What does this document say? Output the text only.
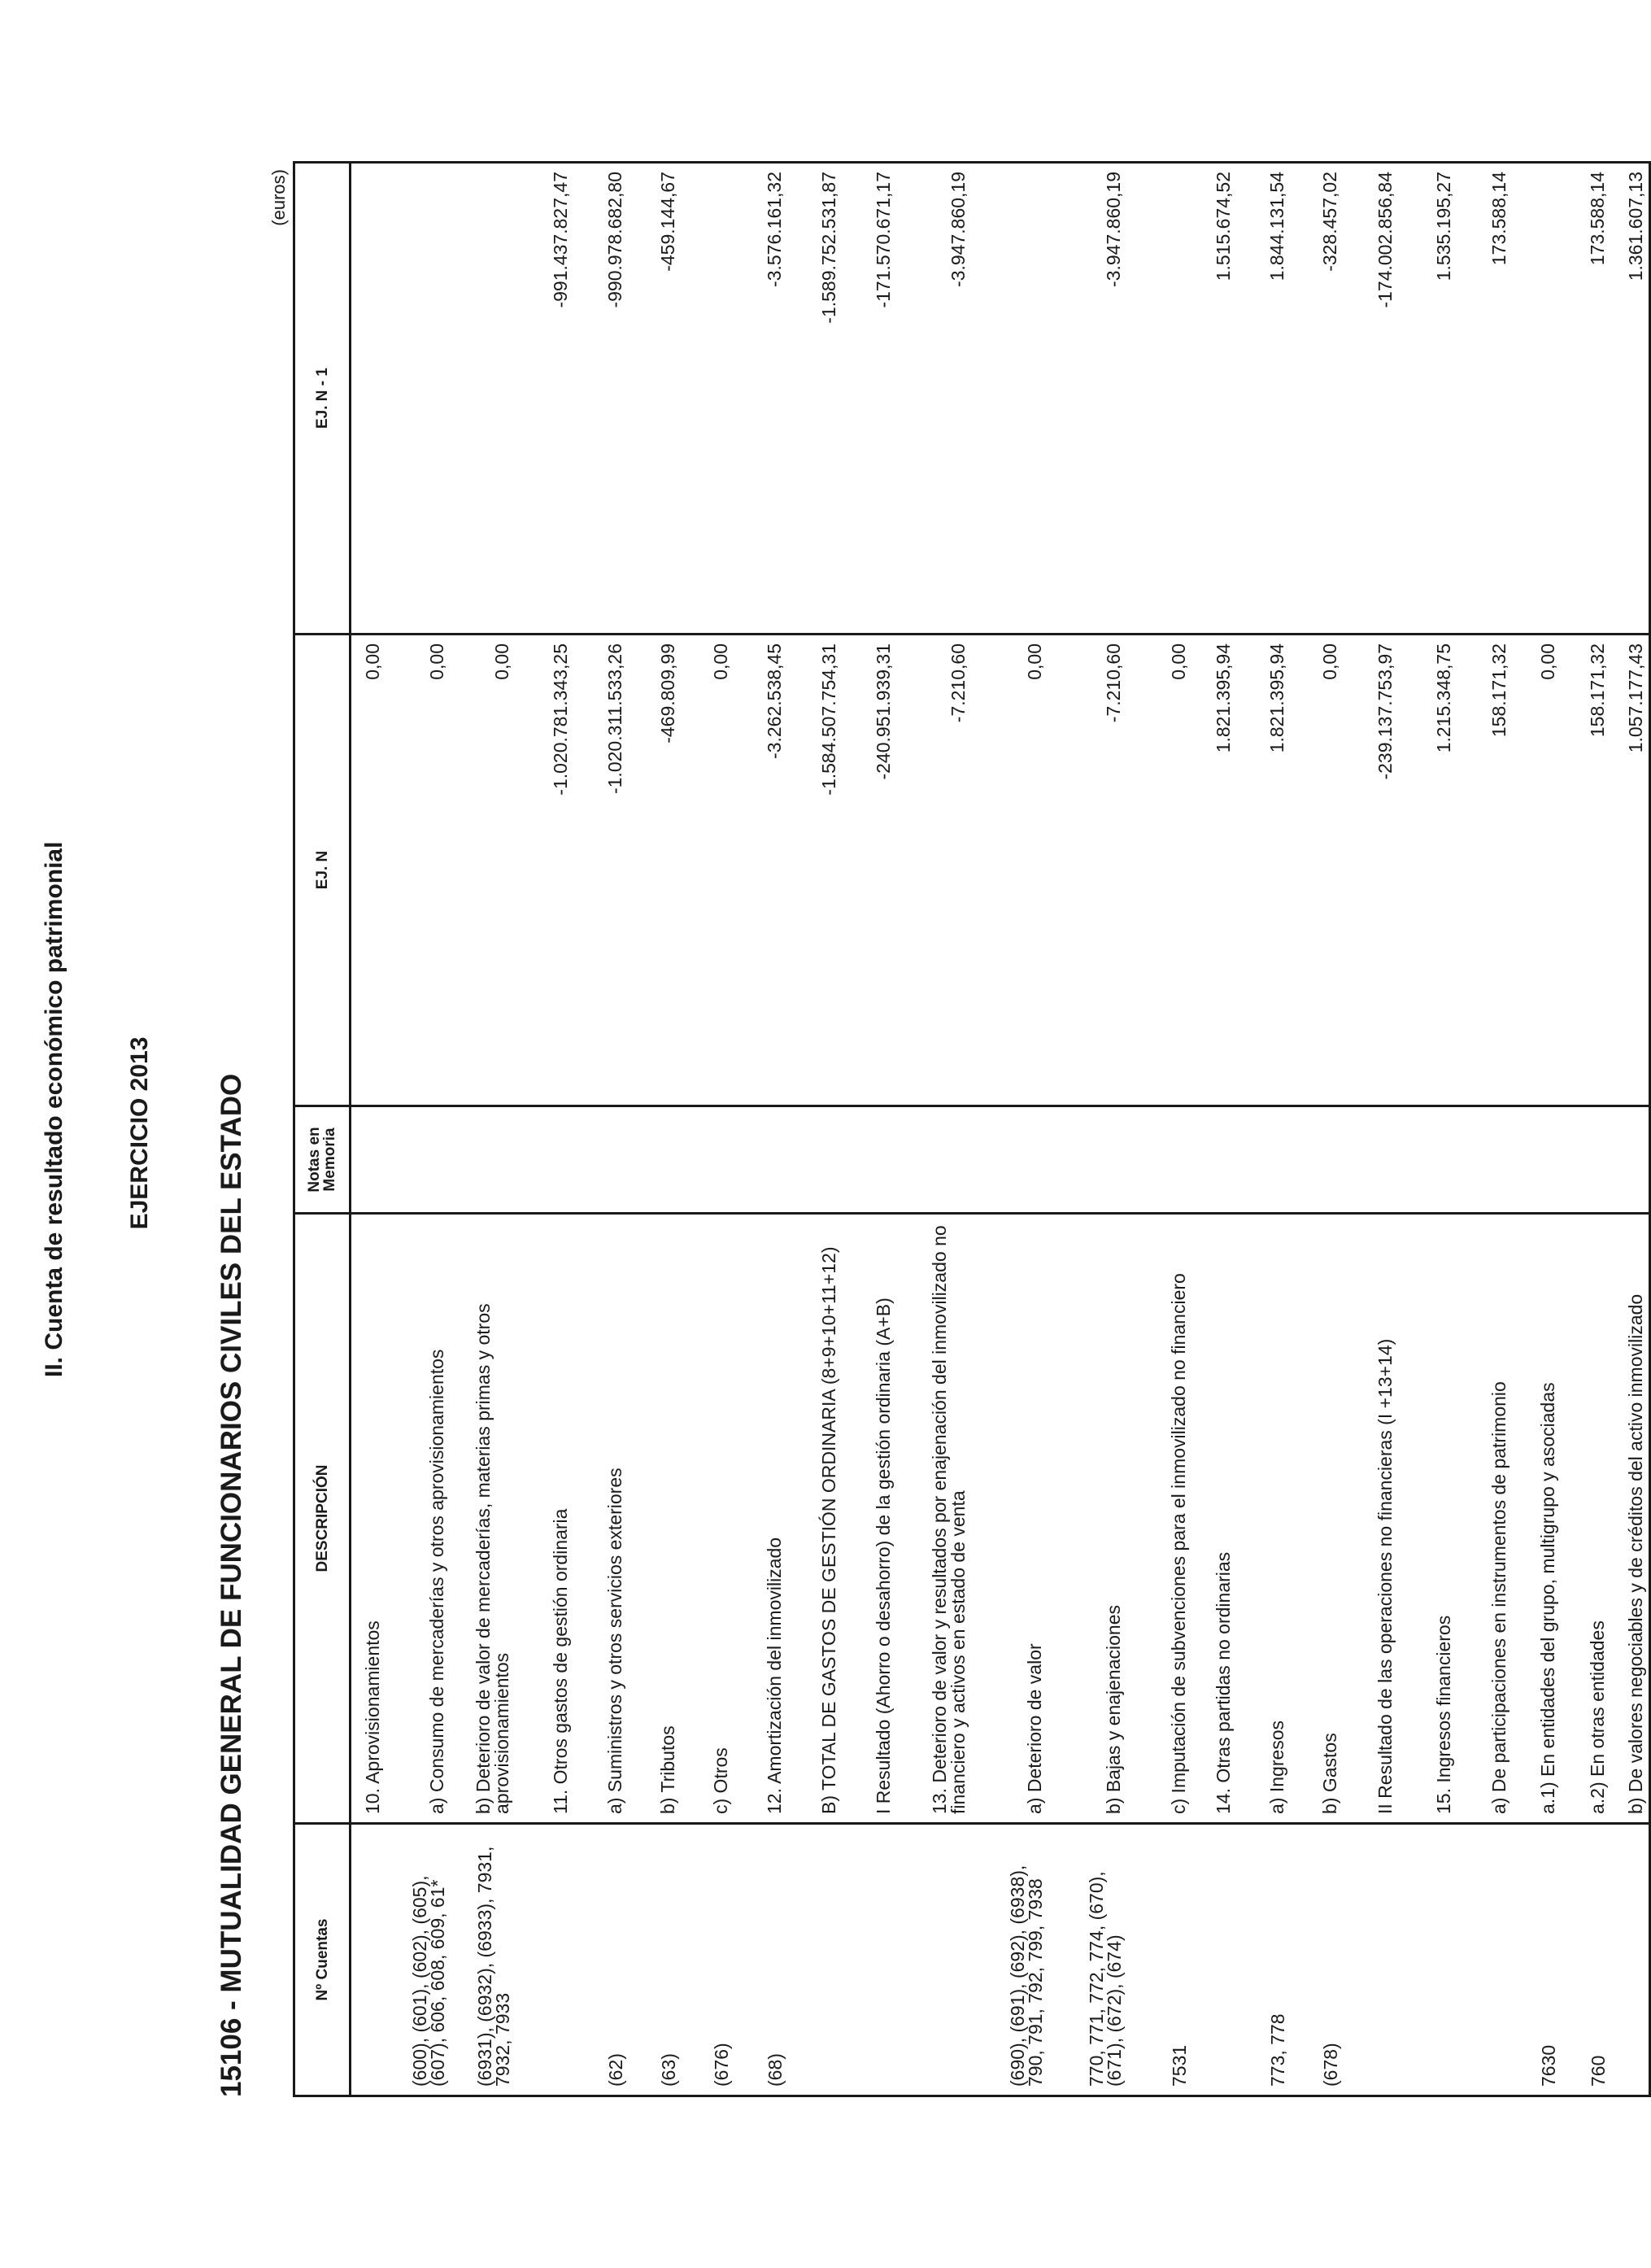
II. Cuenta de resultado económico patrimonial EJERCICIO 2013 15106 - MUTUALIDAD GENERAL DE FUNCIONARIOS CIVILES DEL ESTADO
(euros)
Nº Cuentas	DESCRIPCIÓN	Notas en Memoria	EJ. N	EJ. N - 1
	10. Aprovisionamientos		0,00	
(600), (601), (602), (605), (607), 606, 608, 609, 61*	a) Consumo de mercaderías y otros aprovisionamientos		0,00	
(6931), (6932), (6933), 7931, 7932, 7933	b) Deterioro de valor de mercaderías, materias primas y otros aprovisionamientos		0,00	
	11. Otros gastos de gestión ordinaria		-1.020.781.343,25	-991.437.827,47
(62)	a) Suministros y otros servicios exteriores		-1.020.311.533,26	-990.978.682,80
(63)	b) Tributos		-469.809,99	-459.144,67
(676)	c) Otros		0,00	
(68)	12. Amortización del inmovilizado		-3.262.538,45	-3.576.161,32
	B) TOTAL DE GASTOS DE GESTIÓN ORDINARIA (8+9+10+11+12)		-1.584.507.754,31	-1.589.752.531,87
	I Resultado (Ahorro o desahorro) de la gestión ordinaria (A+B)		-240.951.939,31	-171.570.671,17
	13. Deterioro de valor y resultados por enajenación del inmovilizado no financiero y activos en estado de venta		-7.210,60	-3.947.860,19
(690), (691), (692), (6938), 790, 791, 792, 799, 7938	a) Deterioro de valor		0,00	
770, 771, 772, 774, (670), (671), (672), (674)	b) Bajas y enajenaciones		-7.210,60	-3.947.860,19
7531	c) Imputación de subvenciones para el inmovilizado no financiero		0,00	
	14. Otras partidas no ordinarias		1.821.395,94	1.515.674,52
773, 778	a) Ingresos		1.821.395,94	1.844.131,54
(678)	b) Gastos		0,00	-328.457,02
	II Resultado de las operaciones no financieras (I +13+14)		-239.137.753,97	-174.002.856,84
	15. Ingresos financieros		1.215.348,75	1.535.195,27
	a) De participaciones en instrumentos de patrimonio		158.171,32	173.588,14
7630	a.1) En entidades del grupo, multigrupo y asociadas		0,00	
760	a.2) En otras entidades		158.171,32	173.588,14
	b) De valores negociables y de créditos del activo inmovilizado		1.057.177,43	1.361.607,13
